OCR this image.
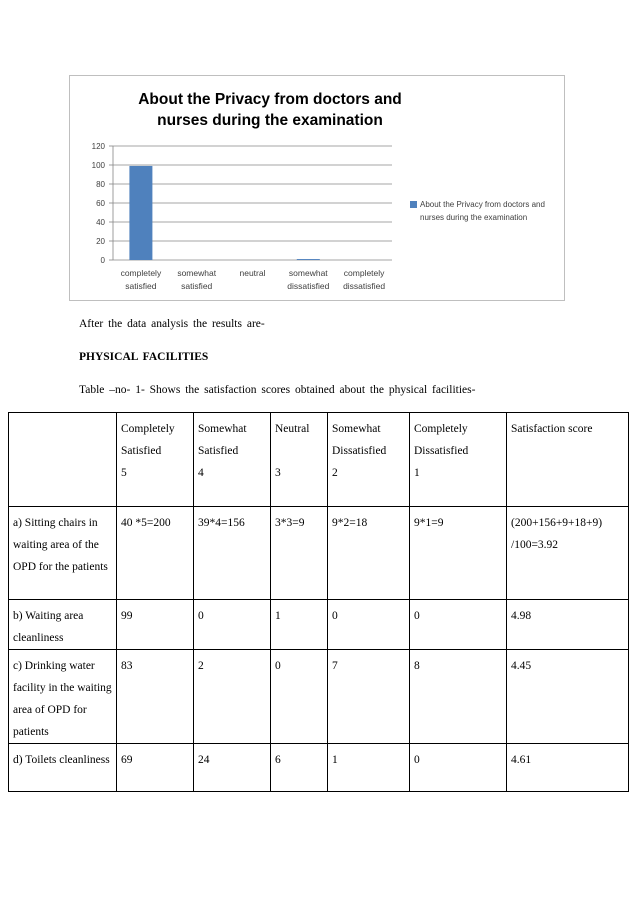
About the Privacy from doctors and nurses during the examination
0
20
40
60
80
100
120
completely
satisfied
somewhat
satisfied
neutral	somewhat
dissatisfied
completely
dissatisfied
About the Privacy from doctors and nurses during the examination
After the data analysis the results are-
PHYSICAL FACILITIES
Table –no- 1- Shows the satisfaction scores obtained about the physical facilities-

	Completely
Satisfied
5	Somewhat
Satisfied
4	Neutral

3	Somewhat
Dissatisfied
2	Completely
Dissatisfied
1	Satisfaction score

a) Sitting chairs in waiting area of the OPD for the patients	40 *5=200	39*4=156	3*3=9	9*2=18	9*1=9	(200+156+9+18+9) /100=3.92
b) Waiting area cleanliness	99	0	1	0	0	4.98
c) Drinking water facility in the waiting area of OPD for patients	83	2	0	7	8	4.45
d) Toilets cleanliness	69	24	6	1	0	4.61
